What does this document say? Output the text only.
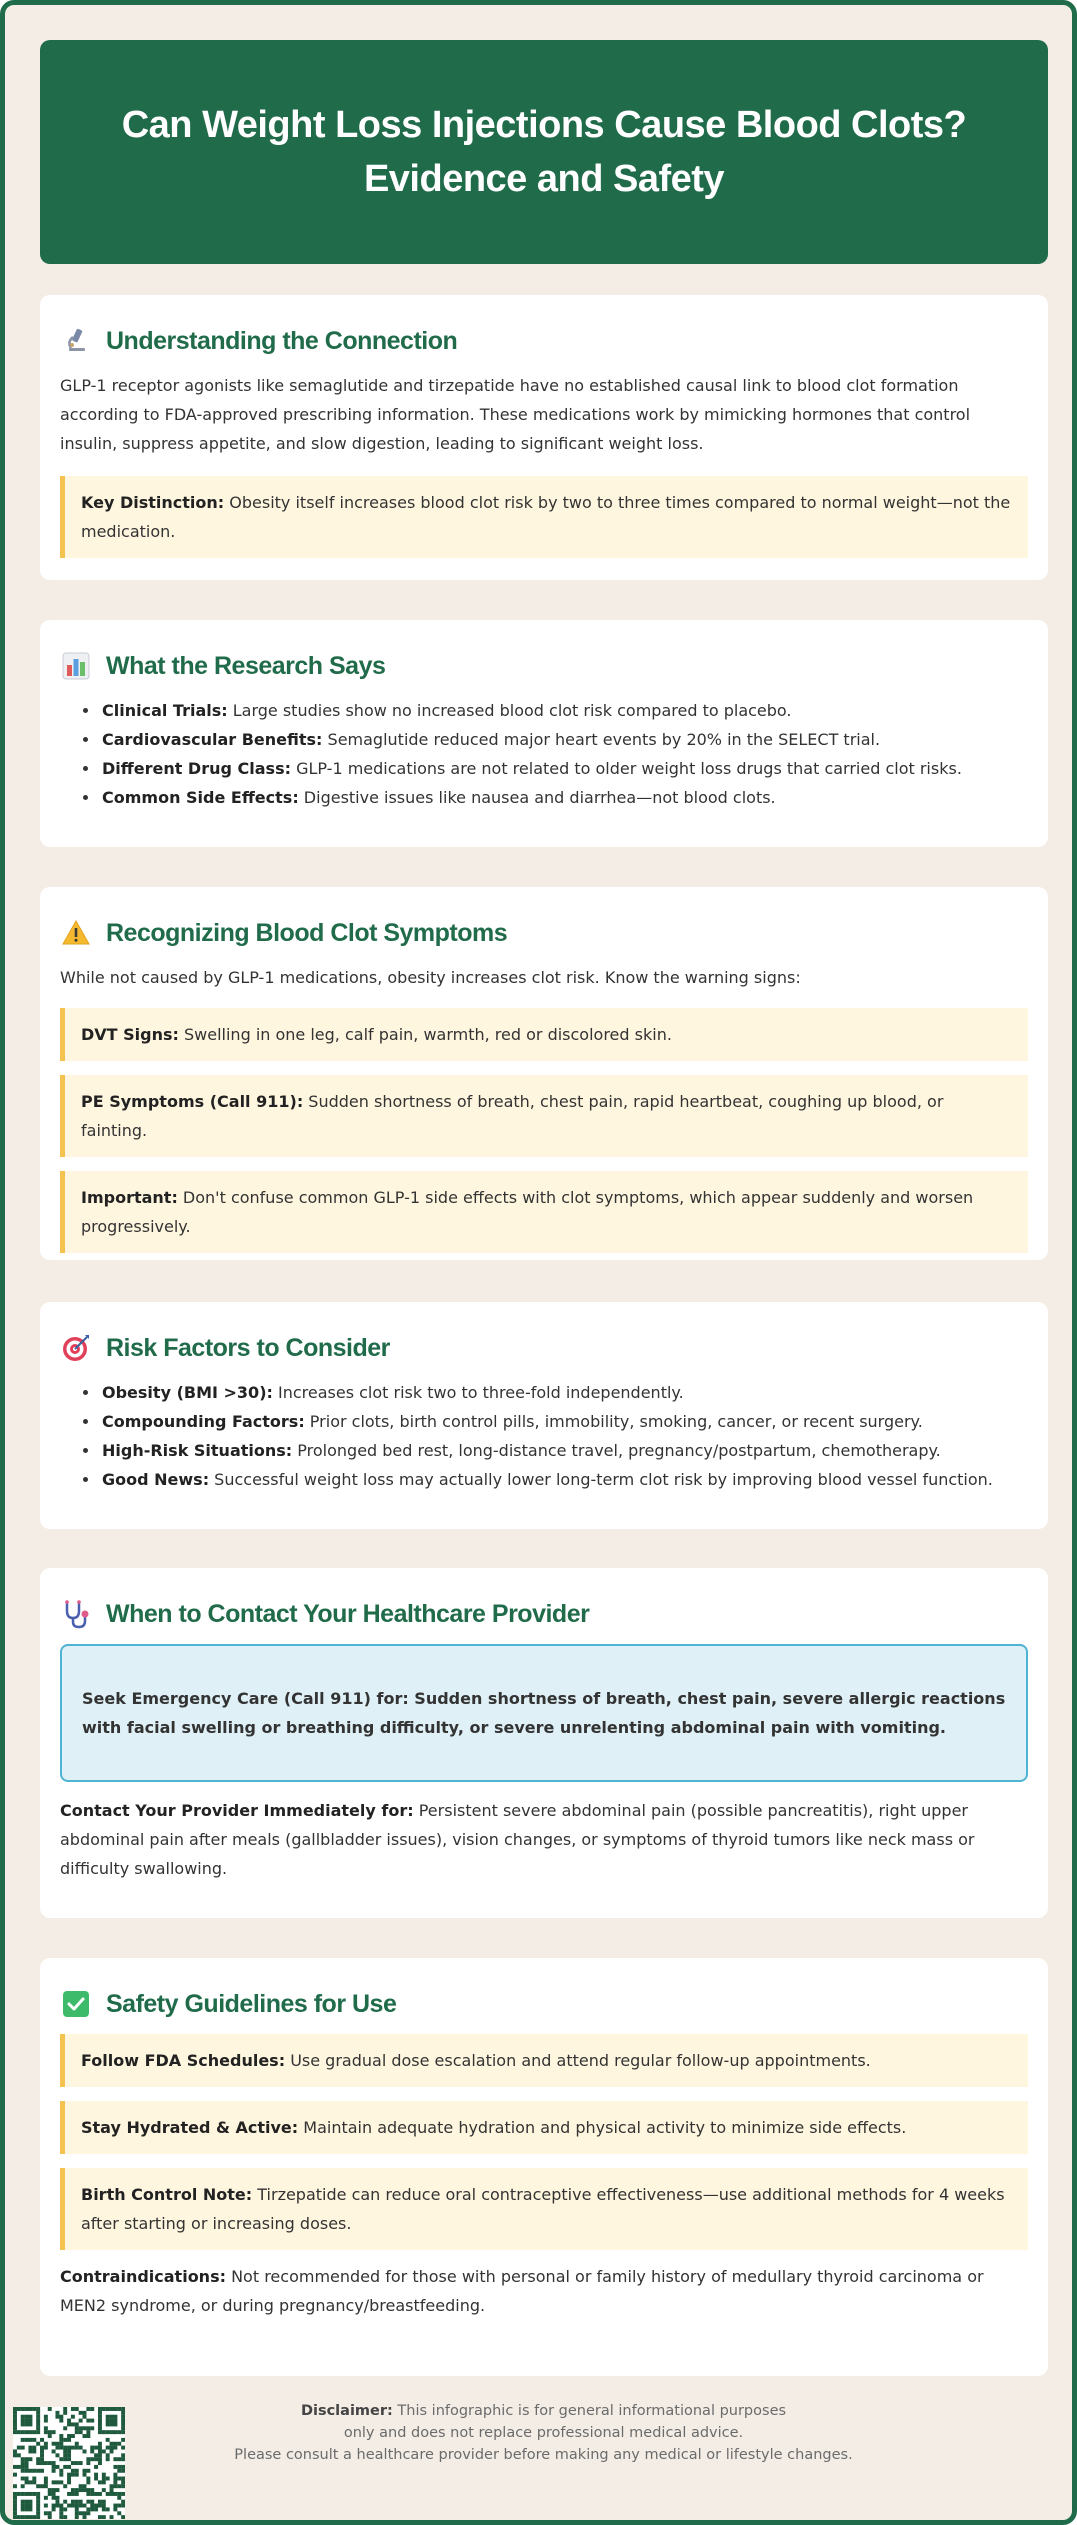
Can Weight Loss Injections Cause Blood Clots? Evidence and Safety
Understanding the Connection

GLP-1 receptor agonists like semaglutide and tirzepatide have no established causal link to blood clot formation according to FDA-approved prescribing information. These medications work by mimicking hormones that control insulin, suppress appetite, and slow digestion, leading to significant weight loss.

Key Distinction: Obesity itself increases blood clot risk by two to three times compared to normal weight—not the medication.
What the Research Says
• Clinical Trials: Large studies show no increased blood clot risk compared to placebo.
• Cardiovascular Benefits: Semaglutide reduced major heart events by 20% in the SELECT trial.
• Different Drug Class: GLP-1 medications are not related to older weight loss drugs that carried clot risks.
• Common Side Effects: Digestive issues like nausea and diarrhea—not blood clots.
Recognizing Blood Clot Symptoms

While not caused by GLP-1 medications, obesity increases clot risk. Know the warning signs:

DVT Signs: Swelling in one leg, calf pain, warmth, red or discolored skin.
PE Symptoms (Call 911): Sudden shortness of breath, chest pain, rapid heartbeat, coughing up blood, or fainting.
Important: Don't confuse common GLP-1 side effects with clot symptoms, which appear suddenly and worsen progressively.
Risk Factors to Consider
• Obesity (BMI >30): Increases clot risk two to three-fold independently.
• Compounding Factors: Prior clots, birth control pills, immobility, smoking, cancer, or recent surgery.
• High-Risk Situations: Prolonged bed rest, long-distance travel, pregnancy/postpartum, chemotherapy.
• Good News: Successful weight loss may actually lower long-term clot risk by improving blood vessel function.
When to Contact Your Healthcare Provider
Seek Emergency Care (Call 911) for: Sudden shortness of breath, chest pain, severe allergic reactions with facial swelling or breathing difficulty, or severe unrelenting abdominal pain with vomiting.

Contact Your Provider Immediately for: Persistent severe abdominal pain (possible pancreatitis), right upper abdominal pain after meals (gallbladder issues), vision changes, or symptoms of thyroid tumors like neck mass or difficulty swallowing.

Safety Guidelines for Use
Follow FDA Schedules: Use gradual dose escalation and attend regular follow-up appointments.
Stay Hydrated & Active: Maintain adequate hydration and physical activity to minimize side effects.
Birth Control Note: Tirzepatide can reduce oral contraceptive effectiveness—use additional methods for 4 weeks after starting or increasing doses.

Contraindications: Not recommended for those with personal or family history of medullary thyroid carcinoma or MEN2 syndrome, or during pregnancy/breastfeeding.

Disclaimer: This infographic is for general informational purposes
only and does not replace professional medical advice.
Please consult a healthcare provider before making any medical or lifestyle changes.
